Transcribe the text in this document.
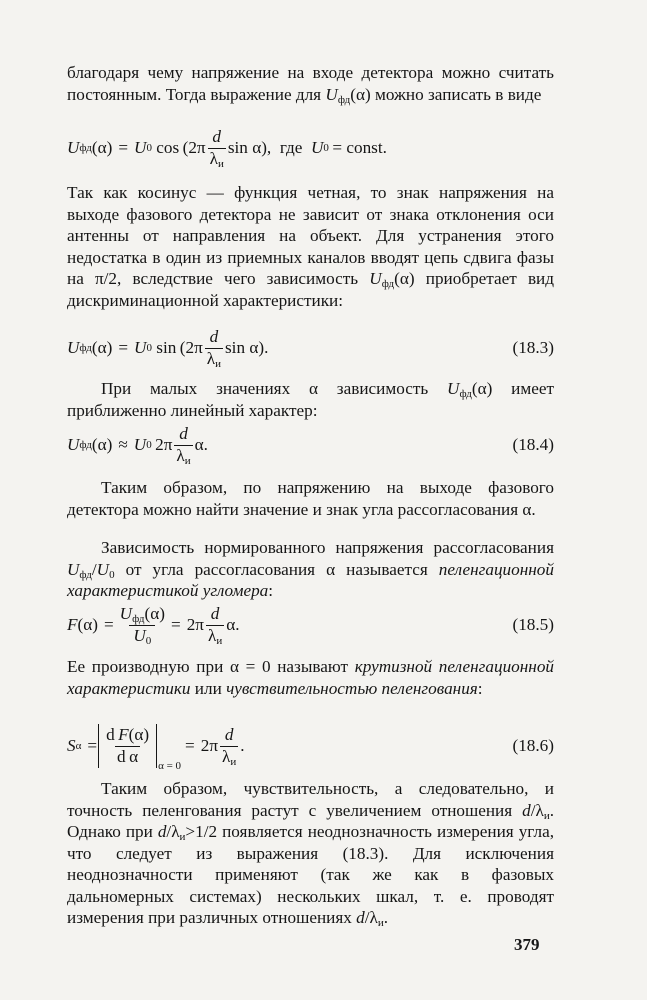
благодаря чему напряжение на входе детектора можно считать постоянным. Тогда выражение для $U_{фд}(\alpha)$ можно записать в виде

U фд (α) = U 0 $\cos (2\pi \frac{d}{\lambda_и}$ sin α), где
U 0
  = const.

Так как косинус — функция четная, то знак напряжения на выходе фазового детектора не зависит от знака отклонения оси антенны от направления на объект. Для устранения этого недостатка в один из приемных каналов вводят цепь сдвига фазы на π/2, вследствие чего зависимость $U_{фд}(\alpha)$ приобретает вид дискриминационной характеристики:

U фд (α) = U 0 $\sin (2\pi \frac{d}{\lambda_и}$ sin α).	(18.3)

При малых значениях α зависимость $U_{фд}(\alpha)$ имеет приближенно линейный характер:

U фд (α) ≈ U 0  $2\pi \frac{d}{\lambda_и} \alpha$.	(18.4)

Таким образом, по напряжению на выходе фазового детектора можно найти значение и знак угла рассогласования α.

Зависимость нормированного напряжения рассогласования $U_{фд}/U_0$ от угла рассогласования α называется пеленгационной характеристикой угломера:

F $(\alpha) = \frac{U_{фд}(\alpha)}{U_0} = 2\pi \frac{d}{\lambda_и} \alpha$.	(18.5)

Ее производную при α = 0 называют крутизной пеленгационной характеристики или чувствительностью пеленгования:

S $\alpha = \frac{\text{d F(α)}}{\text{d α}}$ α = 0
= $2\pi \frac{d}{\lambda_и}$ .	(18.6)

Таким образом, чувствительность, а следовательно, и точность пеленгования растут с увеличением отношения $d/\lambda_и$. Однако при $d/\lambda_и>1/2$ появляется неоднозначность измерения угла, что следует из выражения (18.3). Для исключения неоднозначности применяют (так же как в фазовых дальномерных системах) нескольких шкал, т. е. проводят измерения при различных отношениях $d/\lambda_и$.

379
